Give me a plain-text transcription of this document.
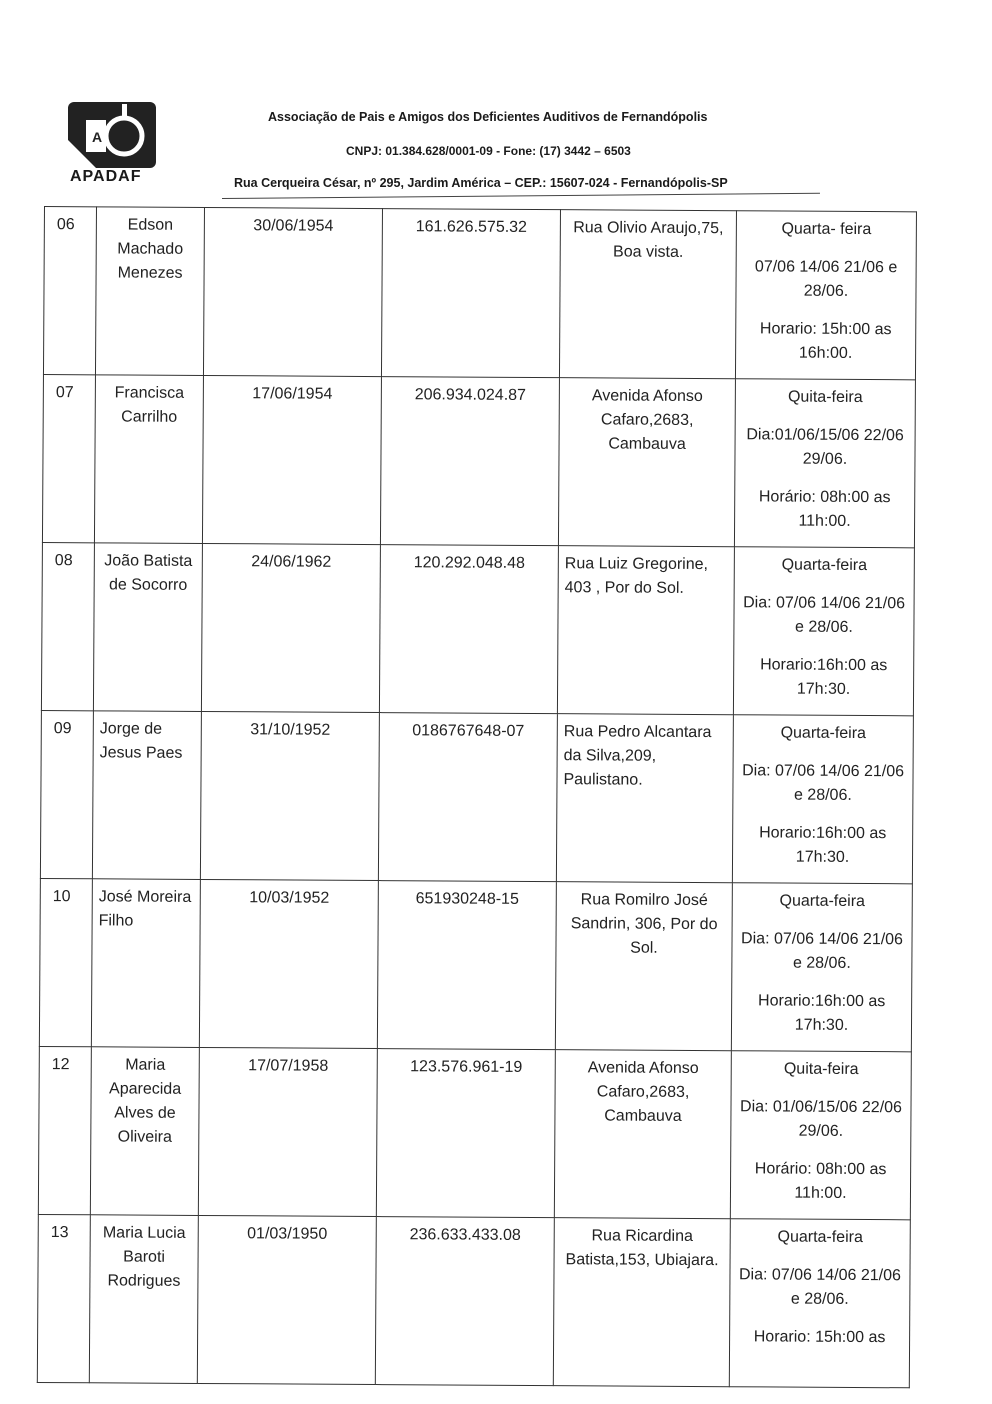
A
APADAF
Associação de Pais e Amigos dos Deficientes Auditivos de Fernandópolis
CNPJ: 01.384.628/0001-09 - Fone: (17) 3442 – 6503
Rua Cerqueira César, nº 295, Jardim América – CEP.: 15607-024 - Fernandópolis-SP
06	Edson Machado Menezes	30/06/1954	161.626.575.32	Rua Olivio Araujo,75, Boa vista.	Quarta- feira
07/06 14/06 21/06 e 28/06.
Horario: 15h:00 as 16h:00.

07	Francisca Carrilho	17/06/1954	206.934.024.87	Avenida Afonso Cafaro,2683, Cambauva	Quita-feira
Dia:01/06/15/06 22/06 29/06.
Horário: 08h:00 as 11h:00.

08	João Batista de Socorro	24/06/1962	120.292.048.48	Rua Luiz Gregorine, 403 , Por do Sol.	Quarta-feira
Dia: 07/06 14/06 21/06 e 28/06.
Horario:16h:00 as 17h:30.

09	Jorge de Jesus Paes	31/10/1952	0186767648-07	Rua Pedro Alcantara da Silva,209, Paulistano.	Quarta-feira
Dia: 07/06 14/06 21/06 e 28/06.
Horario:16h:00 as 17h:30.

10	José Moreira Filho	10/03/1952	651930248-15	Rua Romilro José Sandrin, 306, Por do Sol.	Quarta-feira
Dia: 07/06 14/06 21/06 e 28/06.
Horario:16h:00 as 17h:30.

12	Maria Aparecida Alves de Oliveira	17/07/1958	123.576.961-19	Avenida Afonso Cafaro,2683, Cambauva	Quita-feira
Dia: 01/06/15/06 22/06 29/06.
Horário: 08h:00 as 11h:00.

13	Maria Lucia Baroti Rodrigues	01/03/1950	236.633.433.08	Rua Ricardina Batista,153, Ubiajara.	Quarta-feira
Dia: 07/06 14/06 21/06 e 28/06.
Horario: 15h:00 as
